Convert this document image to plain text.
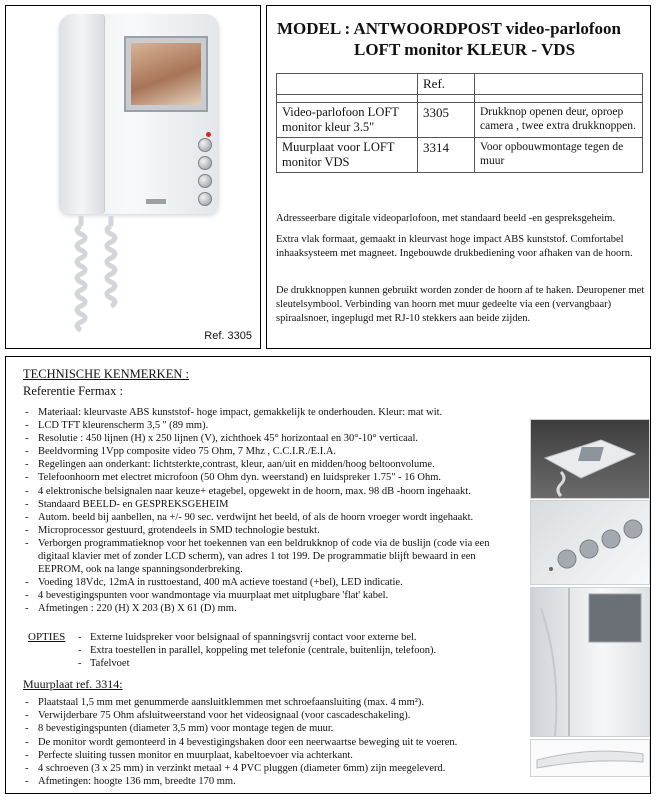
Ref. 3305
MODEL : ANTWOORDPOST video-parlofoon
LOFT monitor KLEUR - VDS
	Ref.	

Video-parlofoon LOFT monitor kleur 3.5"	3305	Drukknop openen deur, oproep camera , twee extra drukknoppen.
Muurplaat voor LOFT monitor VDS	3314	Voor opbouwmontage tegen de muur
Adresseerbare digitale videoparlofoon, met standaard beeld -en gespreksgeheim.
Extra vlak formaat, gemaakt in kleurvast hoge impact ABS kunststof. Comfortabel inhaaksysteem met magneet. Ingebouwde drukbediening voor afhaken van de hoorn.
De drukknoppen kunnen gebruikt worden zonder de hoorn af te haken. Deuropener met sleutelsymbool. Verbinding van hoorn met muur gedeelte via een (vervangbaar) spiraalsnoer, ingeplugd met RJ-10 stekkers aan beide zijden.
TECHNISCHE KENMERKEN :
Referentie Fermax :
- Materiaal: kleurvaste ABS kunststof- hoge impact, gemakkelijk te onderhouden. Kleur: mat wit.
- LCD TFT kleurenscherm 3,5 '' (89 mm).
- Resolutie : 450 lijnen (H) x 250 lijnen (V), zichthoek 45° horizontaal en 30°-10° verticaal.
- Beeldvorming 1Vpp composite video 75 Ohm, 7 Mhz , C.C.I.R./E.I.A.
- Regelingen aan onderkant: lichtsterkte,contrast, kleur, aan/uit en midden/hoog beltoonvolume.
- Telefoonhoorn met electret microfoon (50 Ohm dyn. weerstand) en luidspreker 1.75" - 16 Ohm.
- 4 elektronische belsignalen naar keuze+ etagebel, opgewekt in de hoorn, max. 98 dB -hoorn ingehaakt.
- Standaard BEELD- en GESPREKSGEHEIM
- Autom. beeld bij aanbellen, na +/- 90 sec. verdwijnt het beeld, of als de hoorn vroeger wordt ingehaakt.
- Microprocessor gestuurd, grotendeels in SMD technologie bestukt.
- Verborgen programmatieknop voor het toekennen van een beldrukknop of code via de buslijn (code via een digitaal klavier met of zonder LCD scherm), van adres 1 tot 199. De programmatie blijft bewaard in een EEPROM, ook na lange spanningsonderbreking.
- Voeding 18Vdc, 12mA in rusttoestand, 400 mA actieve toestand (+bel), LED indicatie.
- 4 bevestigingspunten voor wandmontage via muurplaat met uitplugbare 'flat' kabel.
- Afmetingen : 220 (H) X 203 (B) X 61 (D) mm.
OPTIES	- Externe luidspreker voor belsignaal of spanningsvrij contact voor externe bel.
- Extra toestellen in parallel, koppeling met telefonie (centrale, buitenlijn, telefoon).
- Tafelvoet
Muurplaat ref. 3314:
- Plaatstaal 1,5 mm met genummerde aansluitklemmen met schroefaansluiting (max. 4 mm²).
- Verwijderbare 75 Ohm afsluitweerstand voor het videosignaal (voor cascadeschakeling).
- 8 bevestigingspunten (diameter 3,5 mm) voor montage tegen de muur.
- De monitor wordt gemonteerd in 4 bevestigingshaken door een neerwaartse beweging uit te voeren.
- Perfecte sluiting tussen monitor en muurplaat, kabeltoevoer via achterkant.
- 4 schroeven (3 x 25 mm) in verzinkt metaal + 4 PVC pluggen (diameter 6mm) zijn meegeleverd.
- Afmetingen: hoogte 136 mm, breedte 170 mm.
